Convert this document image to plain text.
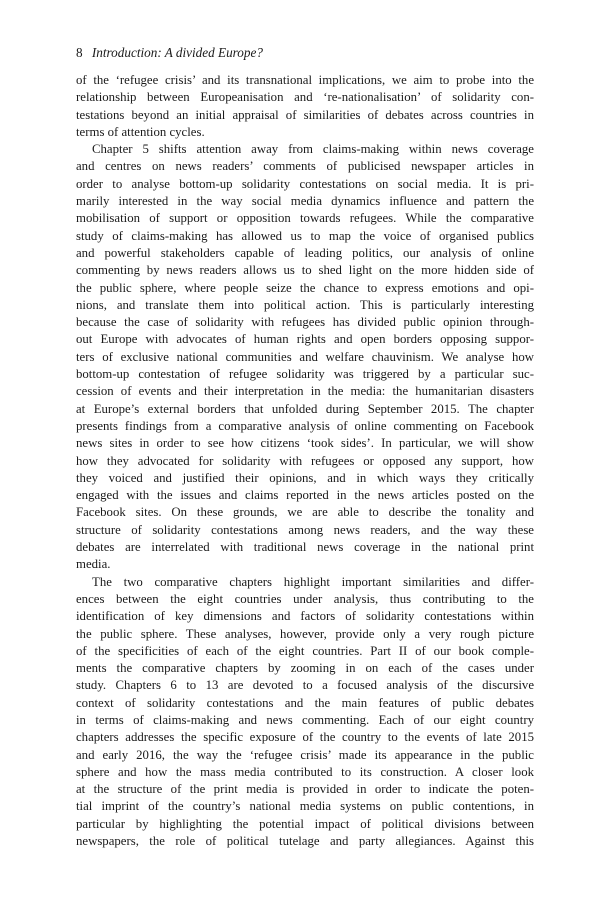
8 Introduction: A divided Europe?
of the ‘refugee crisis’ and its transnational implications, we aim to probe into the
relationship between Europeanisation and ‘re-nationalisation’ of solidarity con-
testations beyond an initial appraisal of similarities of debates across countries in
terms of attention cycles.
Chapter 5 shifts attention away from claims-making within news coverage
and centres on news readers’ comments of publicised newspaper articles in
order to analyse bottom-up solidarity contestations on social media. It is pri-
marily interested in the way social media dynamics influence and pattern the
mobilisation of support or opposition towards refugees. While the comparative
study of claims-making has allowed us to map the voice of organised publics
and powerful stakeholders capable of leading politics, our analysis of online
commenting by news readers allows us to shed light on the more hidden side of
the public sphere, where people seize the chance to express emotions and opi-
nions, and translate them into political action. This is particularly interesting
because the case of solidarity with refugees has divided public opinion through-
out Europe with advocates of human rights and open borders opposing suppor-
ters of exclusive national communities and welfare chauvinism. We analyse how
bottom-up contestation of refugee solidarity was triggered by a particular suc-
cession of events and their interpretation in the media: the humanitarian disasters
at Europe’s external borders that unfolded during September 2015. The chapter
presents findings from a comparative analysis of online commenting on Facebook
news sites in order to see how citizens ‘took sides’. In particular, we will show
how they advocated for solidarity with refugees or opposed any support, how
they voiced and justified their opinions, and in which ways they critically
engaged with the issues and claims reported in the news articles posted on the
Facebook sites. On these grounds, we are able to describe the tonality and
structure of solidarity contestations among news readers, and the way these
debates are interrelated with traditional news coverage in the national print
media.
The two comparative chapters highlight important similarities and differ-
ences between the eight countries under analysis, thus contributing to the
identification of key dimensions and factors of solidarity contestations within
the public sphere. These analyses, however, provide only a very rough picture
of the specificities of each of the eight countries. Part II of our book comple-
ments the comparative chapters by zooming in on each of the cases under
study. Chapters 6 to 13 are devoted to a focused analysis of the discursive
context of solidarity contestations and the main features of public debates
in terms of claims-making and news commenting. Each of our eight country
chapters addresses the specific exposure of the country to the events of late 2015
and early 2016, the way the ‘refugee crisis’ made its appearance in the public
sphere and how the mass media contributed to its construction. A closer look
at the structure of the print media is provided in order to indicate the poten-
tial imprint of the country’s national media systems on public contentions, in
particular by highlighting the potential impact of political divisions between
newspapers, the role of political tutelage and party allegiances. Against this
